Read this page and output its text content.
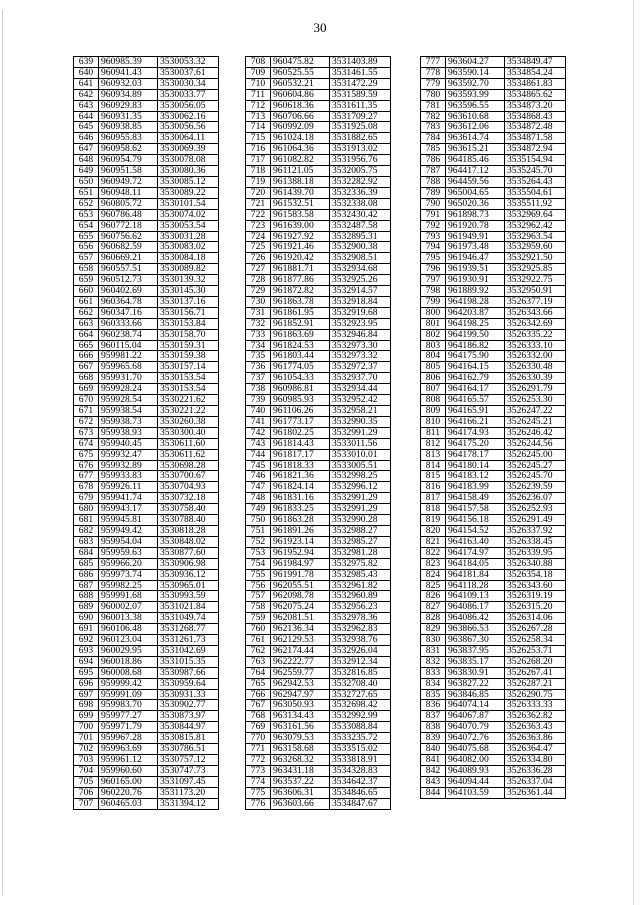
30
639	960985.39	3530053.32
640	960941.43	3530037.61
641	960932.03	3530030.34
642	960934.89	3530033.77
643	960929.83	3530056.05
644	960931.35	3530062.16
645	960938.85	3530056.56
646	960955.83	3530064.11
647	960958.62	3530069.39
648	960954.79	3530078.08
649	960951.58	3530080.36
650	960949.72	3530085.12
651	960948.11	3530089.22
652	960805.72	3530101.54
653	960786.48	3530074.02
654	960772.18	3530053.54
655	960756.62	3530031.28
656	960682.59	3530083.02
657	960669.21	3530084.18
658	960557.51	3530089.82
659	960512.73	3530139.32
660	960402.69	3530145.30
661	960364.78	3530137.16
662	960347.16	3530156.71
663	960333.66	3530153.84
664	960238.74	3530158.70
665	960115.04	3530159.31
666	959981.22	3530159.38
667	959965.68	3530157.14
668	959931.70	3530153.54
669	959928.24	3530153.54
670	959928.54	3530221.62
671	959938.54	3530221.22
672	959938.73	3530260.38
673	959938.93	3530300.40
674	959940.45	3530611.60
675	959932.47	3530611.62
676	959932.89	3530698.28
677	959933.83	3530700.67
678	959926.11	3530704.93
679	959941.74	3530732.18
680	959943.17	3530758.40
681	959945.81	3530788.40
682	959949.42	3530818.28
683	959954.04	3530848.02
684	959959.63	3530877.60
685	959966.20	3530906.98
686	959973.74	3530936.12
687	959982.25	3530965.01
688	959991.68	3530993.59
689	960002.07	3531021.84
690	960013.38	3531049.74
691	960106.48	3531268.77
692	960123.04	3531261.73
693	960029.95	3531042.69
694	960018.86	3531015.35
695	960008.68	3530987.66
696	959999.42	3530959.64
697	959991.09	3530931.33
698	959983.70	3530902.77
699	959977.27	3530873.97
700	959971.79	3530844.97
701	959967.28	3530815.81
702	959963.69	3530786.51
703	959961.12	3530757.12
704	959960.60	3530747.73
705	960165.00	3531097.45
706	960220.76	3531173.20
707	960465.03	3531394.12
708	960475.82	3531403.89
709	960525.55	3531461.55
710	960532.21	3531472.29
711	960604.86	3531589.59
712	960618.36	3531611.35
713	960706.66	3531709.27
714	960992.09	3531925.08
715	961024.18	3531882.65
716	961064.36	3531913.02
717	961082.82	3531956.76
718	961121.05	3532005.75
719	961388.18	3532282.92
720	961439.70	3532336.39
721	961532.51	3532338.08
722	961583.58	3532430.42
723	961639.00	3532487.58
724	961927.92	3532895.31
725	961921.46	3532900.38
726	961920.42	3532908.51
727	961881.71	3532934.68
728	961877.86	3532925.26
729	961872.82	3532914.57
730	961863.78	3532918.84
731	961861.95	3532919.68
732	961852.91	3532923.95
733	961863.69	3532946.84
734	961824.53	3532973.30
735	961803.44	3532973.32
736	961774.05	3532972.37
737	961054.33	3532937.70
738	960986.81	3532934.44
739	960985.93	3532952.42
740	961106.26	3532958.21
741	961773.17	3532990.35
742	961802.25	3532991.29
743	961814.43	3533011.56
744	961817.17	3533010.01
745	961818.33	3533005.51
746	961821.36	3532998.25
747	961824.14	3532996.12
748	961831.16	3532991.29
749	961833.25	3532991.29
750	961863.28	3532990.28
751	961891.26	3532988.27
752	961923.14	3532985.27
753	961952.94	3532981.28
754	961984.97	3532975.82
755	961991.78	3532985.43
756	962055.51	3532961.82
757	962098.78	3532960.89
758	962075.24	3532956.23
759	962081.51	3532978.36
760	962136.34	3532962.83
761	962129.53	3532938.76
762	962174.44	3532926.04
763	962222.77	3532912.34
764	962559.77	3532816.85
765	962942.53	3532708.40
766	962947.97	3532727.65
767	963050.93	3532698.42
768	963134.43	3532992.99
769	963161.56	3533088.84
770	963079.53	3533235.72
771	963158.68	3533515.02
772	963268.32	3533818.91
773	963431.18	3534328.83
774	963537.22	3534642.37
775	963606.31	3534846.65
776	963603.66	3534847.67
777	963604.27	3534849.47
778	963590.14	3534854.24
779	963592.70	3534861.83
780	963593.99	3534865.62
781	963596.55	3534873.20
782	963610.68	3534868.43
783	963612.06	3534872.48
784	963614.74	3534871.58
785	963615.21	3534872.94
786	964185.46	3535154.94
787	964417.12	3535245.70
788	964459.56	3535264.43
789	965004.65	3535504.61
790	965020.36	3535511.92
791	961898.73	3532969.64
792	961920.78	3532962.42
793	961949.91	3532963.54
794	961973.48	3532959.60
795	961946.47	3532921.50
796	961939.51	3532925.85
797	961930.91	3532922.75
798	961889.92	3532950.91
799	964198.28	3526377.19
800	964203.87	3526343.66
801	964198.25	3526342.69
802	964199.50	3526335.22
803	964186.82	3526333.10
804	964175.90	3526332.00
805	964164.15	3526330.48
806	964162.79	3526330.39
807	964164.17	3526291.79
808	964165.57	3526253.30
809	964165.91	3526247.22
810	964166.21	3526245.21
811	964174.93	3526246.42
812	964175.20	3526244.56
813	964178.17	3526245.00
814	964180.14	3526245.27
815	964183.12	3526245.70
816	964183.99	3526239.59
817	964158.49	3526236.07
818	964157.58	3526252.93
819	964156.18	3526291.49
820	964154.52	3526337.92
821	964163.40	3526338.45
822	964174.97	3526339.95
823	964184.05	3526340.88
824	964181.84	3526354.18
825	964118.28	3526343.60
826	964109.13	3526319.19
827	964086.17	3526315.20
828	964086.42	3526314.06
829	963866.53	3526267.28
830	963867.30	3526258.34
831	963837.95	3526253.71
832	963835.17	3526268.20
833	963830.91	3526267.41
834	963827.22	3526287.21
835	963846.85	3526290.75
836	964074.14	3526333.33
837	964067.87	3526362.82
838	964070.79	3526363.43
839	964072.76	3526363.86
840	964075.68	3526364.47
841	964082.00	3526334.80
842	964089.93	3526336.28
843	964094.44	3526337.04
844	964103.59	3526361.44
